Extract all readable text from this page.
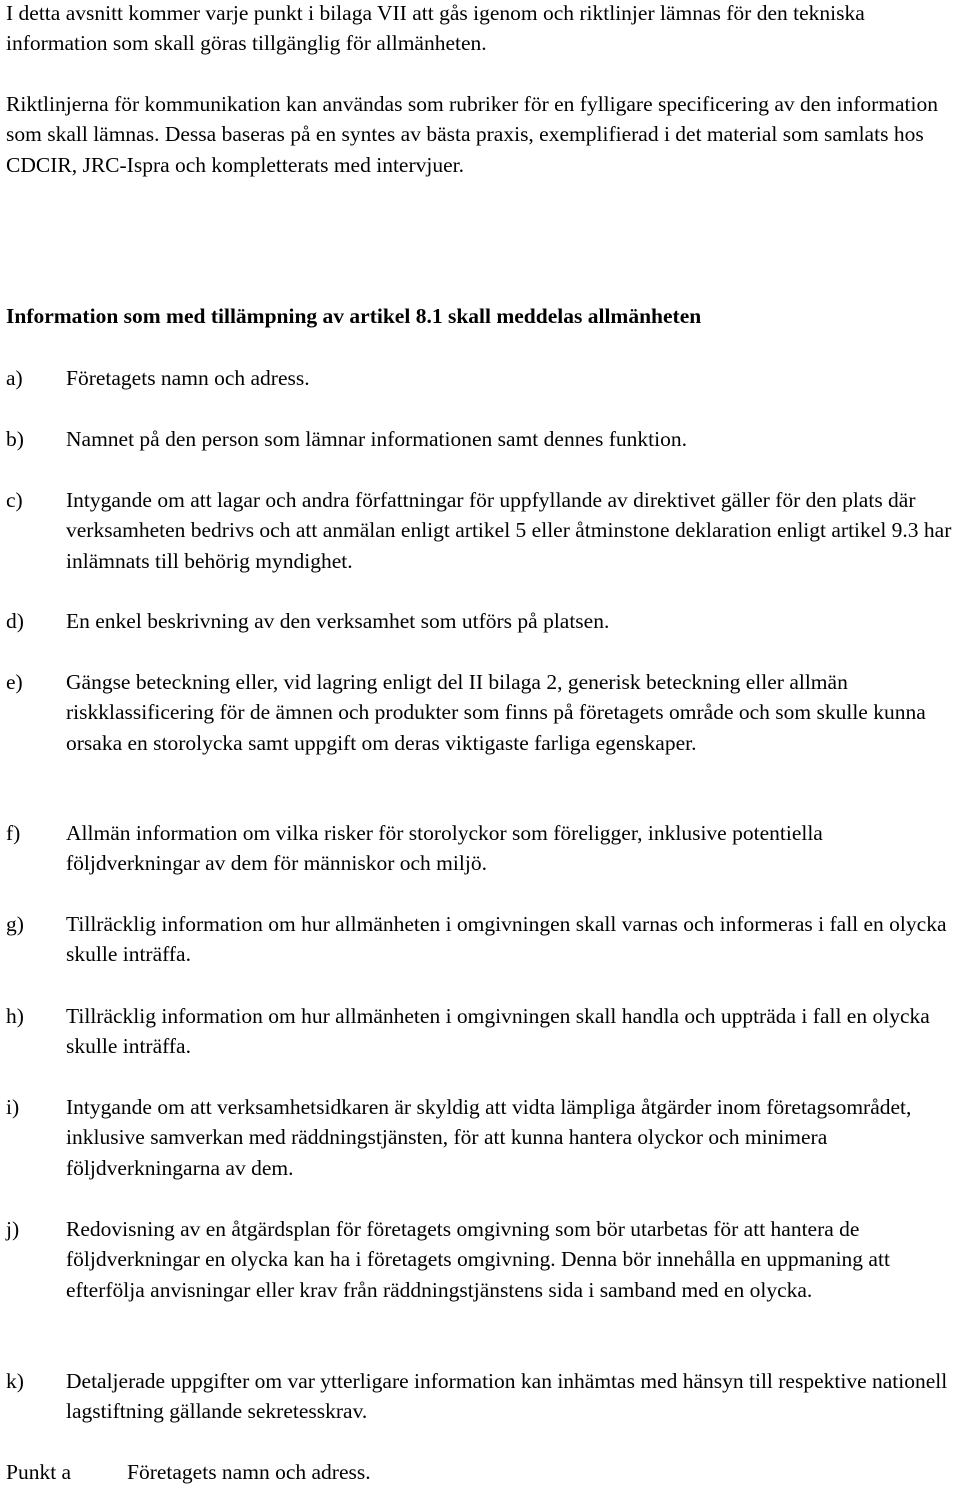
I detta avsnitt kommer varje punkt i bilaga VII att gås igenom och riktlinjer lämnas för den tekniska information som skall göras tillgänglig för allmänheten.

Riktlinjerna för kommunikation kan användas som rubriker för en fylligare specificering av den information som skall lämnas. Dessa baseras på en syntes av bästa praxis, exemplifierad i det material som samlats hos CDCIR, JRC-Ispra och kompletterats med intervjuer.

Information som med tillämpning av artikel 8.1 skall meddelas allmänheten

a) Företagets namn och adress.
b) Namnet på den person som lämnar informationen samt dennes funktion.
c) Intygande om att lagar och andra författningar för uppfyllande av direktivet gäller för den plats där verksamheten bedrivs och att anmälan enligt artikel 5 eller åtminstone deklaration enligt artikel 9.3 har inlämnats till behörig myndighet.
d) En enkel beskrivning av den verksamhet som utförs på platsen.
e) Gängse beteckning eller, vid lagring enligt del II bilaga 2, generisk beteckning eller allmän riskklassificering för de ämnen och produkter som finns på företagets område och som skulle kunna orsaka en storolycka samt uppgift om deras viktigaste farliga egenskaper.
f) Allmän information om vilka risker för storolyckor som föreligger, inklusive potentiella följdverkningar av dem för människor och miljö.
g) Tillräcklig information om hur allmänheten i omgivningen skall varnas och informeras i fall en olycka skulle inträffa.
h) Tillräcklig information om hur allmänheten i omgivningen skall handla och uppträda i fall en olycka skulle inträffa.
i) Intygande om att verksamhetsidkaren är skyldig att vidta lämpliga åtgärder inom företagsområdet, inklusive samverkan med räddningstjänsten, för att kunna hantera olyckor och minimera följdverkningarna av dem.
j) Redovisning av en åtgärdsplan för företagets omgivning som bör utarbetas för att hantera de följdverkningar en olycka kan ha i företagets omgivning. Denna bör innehålla en uppmaning att efterfölja anvisningar eller krav från räddningstjänstens sida i samband med en olycka.
k) Detaljerade uppgifter om var ytterligare information kan inhämtas med hänsyn till respektive nationell lagstiftning gällande sekretesskrav.
Punkt a	Företagets namn och adress.
